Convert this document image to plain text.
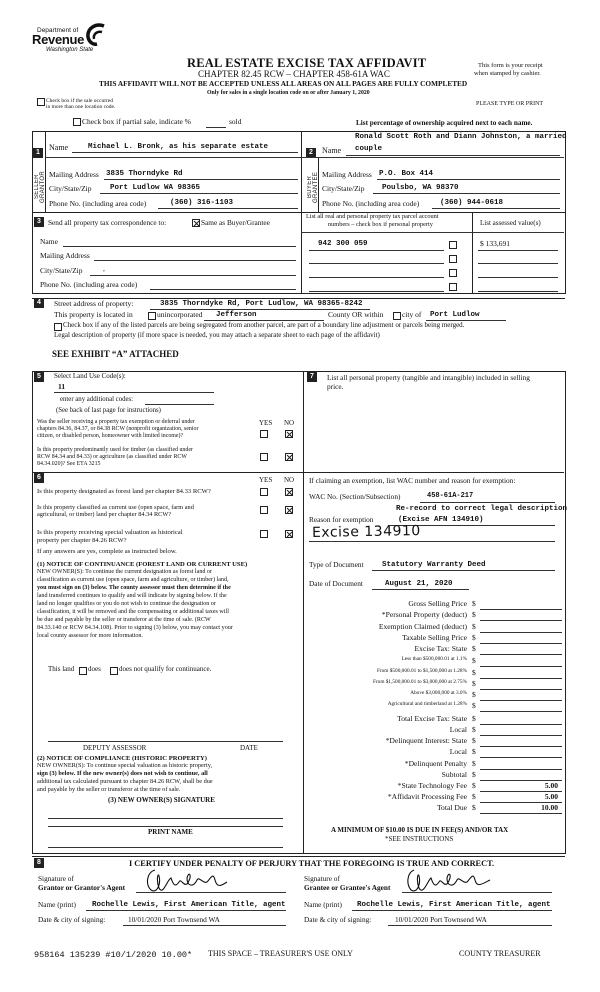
Department of
Revenue
Washington State
REAL ESTATE EXCISE TAX AFFIDAVIT
CHAPTER 82.45 RCW – CHAPTER 458-61A WAC
THIS AFFIDAVIT WILL NOT BE ACCEPTED UNLESS ALL AREAS ON ALL PAGES ARE FULLY COMPLETED
Only for sales in a single location code on or after January 1, 2020
This form is your receipt
when stamped by cashier.
PLEASE TYPE OR PRINT
Check box if the sale occurred
in more than one location code.
Check box if partial sale, indicate %	sold	List percentage of ownership acquired next to each name.
1
SELLER GRANTOR
Name	Michael L. Bronk, as his separate estate
Mailing Address 3835 Thorndyke Rd
City/State/Zip Port Ludlow WA 98365
Phone No. (including area code)	(360) 316-1103
Ronald Scott Roth and Diann Johnston, a married
2
BUYER GRANTEE
Name couple
Mailing Address P.O. Box 414
City/State/Zip Poulsbo, WA 98370
Phone No. (including area code)	(360) 944-0618
3 Send all property tax correspondence to:	Same as Buyer/Grantee
Name
Mailing Address
City/State/Zip	,
Phone No. (including area code)
List all real and personal property tax parcel account
numbers – check box if personal property	List assessed value(s)
942 300 059	$ 133,691
4	Street address of property:	3835 Thorndyke Rd, Port Ludlow, WA 98365-8242
This property is located in	unincorporated Jefferson	County OR within city of Port Ludlow
Check box if any of the listed parcels are being segregated from another parcel, are part of a boundary line adjustment or parcels being merged.
Legal description of property (if more space is needed, you may attach a separate sheet to each page of the affidavit)
SEE EXHIBIT “A” ATTACHED
5	Select Land Use Code(s):
11
enter any additional codes:
(See back of last page for instructions)
YES NO
Was the seller receiving a property tax exemption or deferral under
chapters 84.36, 84.37, or 84.38 RCW (nonprofit organization, senior
citizen, or disabled person, homeowner with limited income)?
Is this property predominantly used for timber (as classified under
RCW 84.34 and 84.33) or agriculture (as classified under RCW
84.34.020)? See ETA 3215
6	YES NO
Is this property designated as forest land per chapter 84.33 RCW?
Is this property classified as current use (open space, farm and
agricultural, or timber) land per chapter 84.34 RCW?
Is this property receiving special valuation as historical
property per chapter 84.26 RCW?
If any answers are yes, complete as instructed below.
(1) NOTICE OF CONTINUANCE (FOREST LAND OR CURRENT USE)
NEW OWNER(S): To continue the current designation as forest land or
classification as current use (open space, farm and agriculture, or timber) land,
you must sign on (3) below. The county assessor must then determine if the
land transferred continues to qualify and will indicate by signing below. If the
land no longer qualifies or you do not wish to continue the designation or
classification, it will be removed and the compensating or additional taxes will
be due and payable by the seller or transferor at the time of sale. (RCW
84.33.140 or RCW 84.34.108). Prior to signing (3) below, you may contact your
local county assessor for more information.
This land does	does not qualify for continuance.
DEPUTY ASSESSOR	DATE
(2) NOTICE OF COMPLIANCE (HISTORIC PROPERTY)
NEW OWNER(S): To continue special valuation as historic property,
sign (3) below. If the new owner(s) does not wish to continue, all
additional tax calculated pursuant to chapter 84.26 RCW, shall be due
and payable by the seller or transferor at the time of sale.
(3) NEW OWNER(S) SIGNATURE
PRINT NAME
7	List all personal property (tangible and intangible) included in selling
price.
If claiming an exemption, list WAC number and reason for exemption:
WAC No. (Section/Subsection)	458-61A-217
Re-record to correct legal description
Reason for exemption	(Excise AFN 134910)
Excise 134910
Type of Document Statutory Warranty Deed
Date of Document	August 21, 2020
Gross Selling Price $
*Personal Property (deduct) $
Exemption Claimed (deduct) $
Taxable Selling Price $
Excise Tax: State $
Less than $500,000.01 at 1.1% $
From $500,000.01 to $1,500,000 at 1.28% $
From $1,500,000.01 to $3,000,000 at 2.75% $
Above $3,000,000 at 3.0% $
Agricultural and timberland at 1.28% $
Total Excise Tax: State $
Local $
*Delinquent Interest: State $
Local $
*Delinquent Penalty $
Subtotal $
*State Technology Fee $	5.00
*Affidavit Processing Fee $	5.00
Total Due $	10.00
A MINIMUM OF $10.00 IS DUE IN FEE(S) AND/OR TAX
*SEE INSTRUCTIONS
8	I CERTIFY UNDER PENALTY OF PERJURY THAT THE FOREGOING IS TRUE AND CORRECT.
Signature of
Grantor or Grantor's Agent
Signature of
Grantee or Grantee's Agent
Name (print) Rochelle Lewis, First American Title, agent	Name (print) Rochelle Lewis, First American Title, agent
Date & city of signing:	10/01/2020 Port Townsend WA	Date & city of signing:	10/01/2020 Port Townsend WA
958164 135239 #10/1/2020 10.00* THIS SPACE – TREASURER'S USE ONLY	COUNTY TREASURER
